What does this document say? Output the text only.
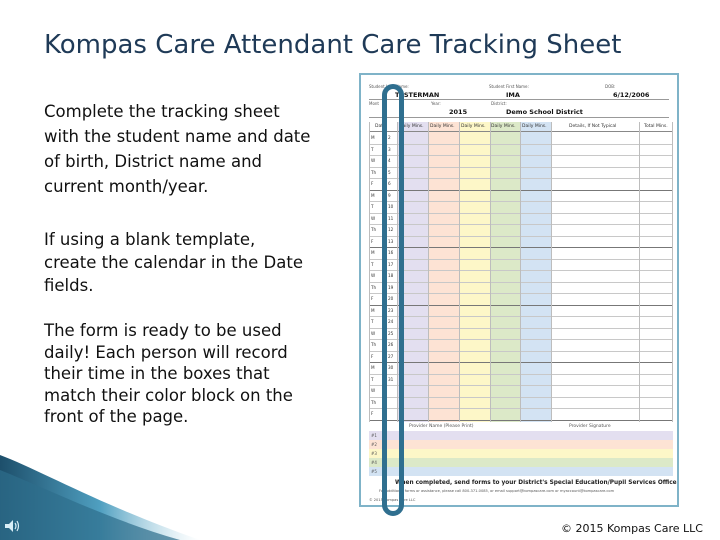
Kompas Care Attendant Care Tracking Sheet
Complete the tracking sheet with the student name and date of birth, District name and current month/year.
If using a blank template, create the calendar in the Date fields.
The form is ready to be used daily! Each person will record their time in the boxes that match their color block on the front of the page.
Student Last Name:
TESTERMAN
Student First Name:
IMA
DOB:
6/12/2006
Mont	Year:
2015
District:
Demo School District
Date	Daily Mins. Daily Mins. Daily Mins. Daily Mins. Daily Mins.	Details, If Not Typical	Total Mins.
M	2
T	3
W	4
Th	5
F	6
M	9
T	10
W	11
Th	12
F	13
M	16
T	17
W	18
Th	19
F	20
M	23
T	24
W	25
Th	26
F	27
M	30
T	31
W
Th
F
Provider Name (Please Print)	Provider Signature
#1
#2
#3
#4
#5
When completed, send forms to your District's Special Education/Pupil Services Office
For additional forms or assistance, please call 800-371-0085, or email support@kompascare.com or myaccount@kompascare.com
© 2015 Kompas Care LLC
© 2015 Kompas Care LLC
